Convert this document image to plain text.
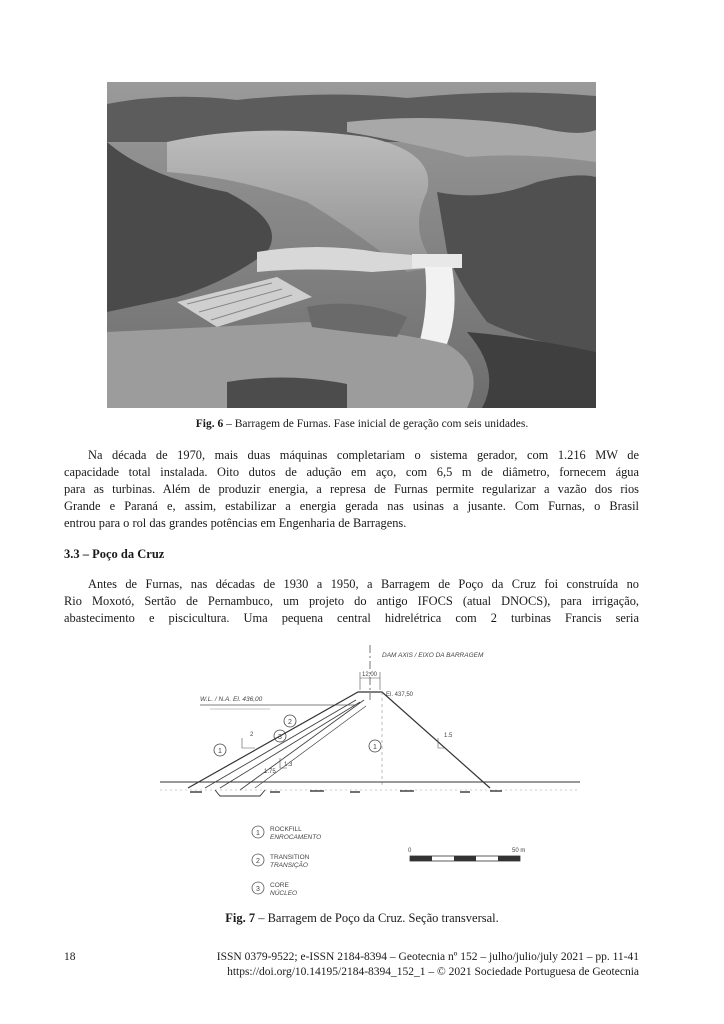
Fig. 6 – Barragem de Furnas. Fase inicial de geração com seis unidades.
Na década de 1970, mais duas máquinas completariam o sistema gerador, com 1.216 MW de
capacidade total instalada. Oito dutos de adução em aço, com 6,5 m de diâmetro, fornecem água
para as turbinas. Além de produzir energia, a represa de Furnas permite regularizar a vazão dos rios
Grande e Paraná e, assim, estabilizar a energia gerada nas usinas a jusante. Com Furnas, o Brasil
entrou para o rol das grandes potências em Engenharia de Barragens.
3.3 – Poço da Cruz
Antes de Furnas, nas décadas de 1930 a 1950, a Barragem de Poço da Cruz foi construída no
Rio Moxotó, Sertão de Pernambuco, um projeto do antigo IFOCS (atual DNOCS), para irrigação,
abastecimento e piscicultura. Uma pequena central hidrelétrica com 2 turbinas Francis seria
DAM AXIS / EIXO DA BARRAGEM
12,00
El. 437,50
W.L. / N.A. El. 436,00
2
1.75
1.3
1.5
1
2
3
1
1
ROCKFILL
ENROCAMENTO
2
TRANSITION
TRANSIÇÃO
3
CORE
NÚCLEO
0	50 m
Fig. 7 – Barragem de Poço da Cruz. Seção transversal.
18	ISSN 0379-9522; e-ISSN 2184-8394 – Geotecnia nº 152 – julho/julio/july 2021 – pp. 11-41
https://doi.org/10.14195/2184-8394_152_1 – © 2021 Sociedade Portuguesa de Geotecnia
